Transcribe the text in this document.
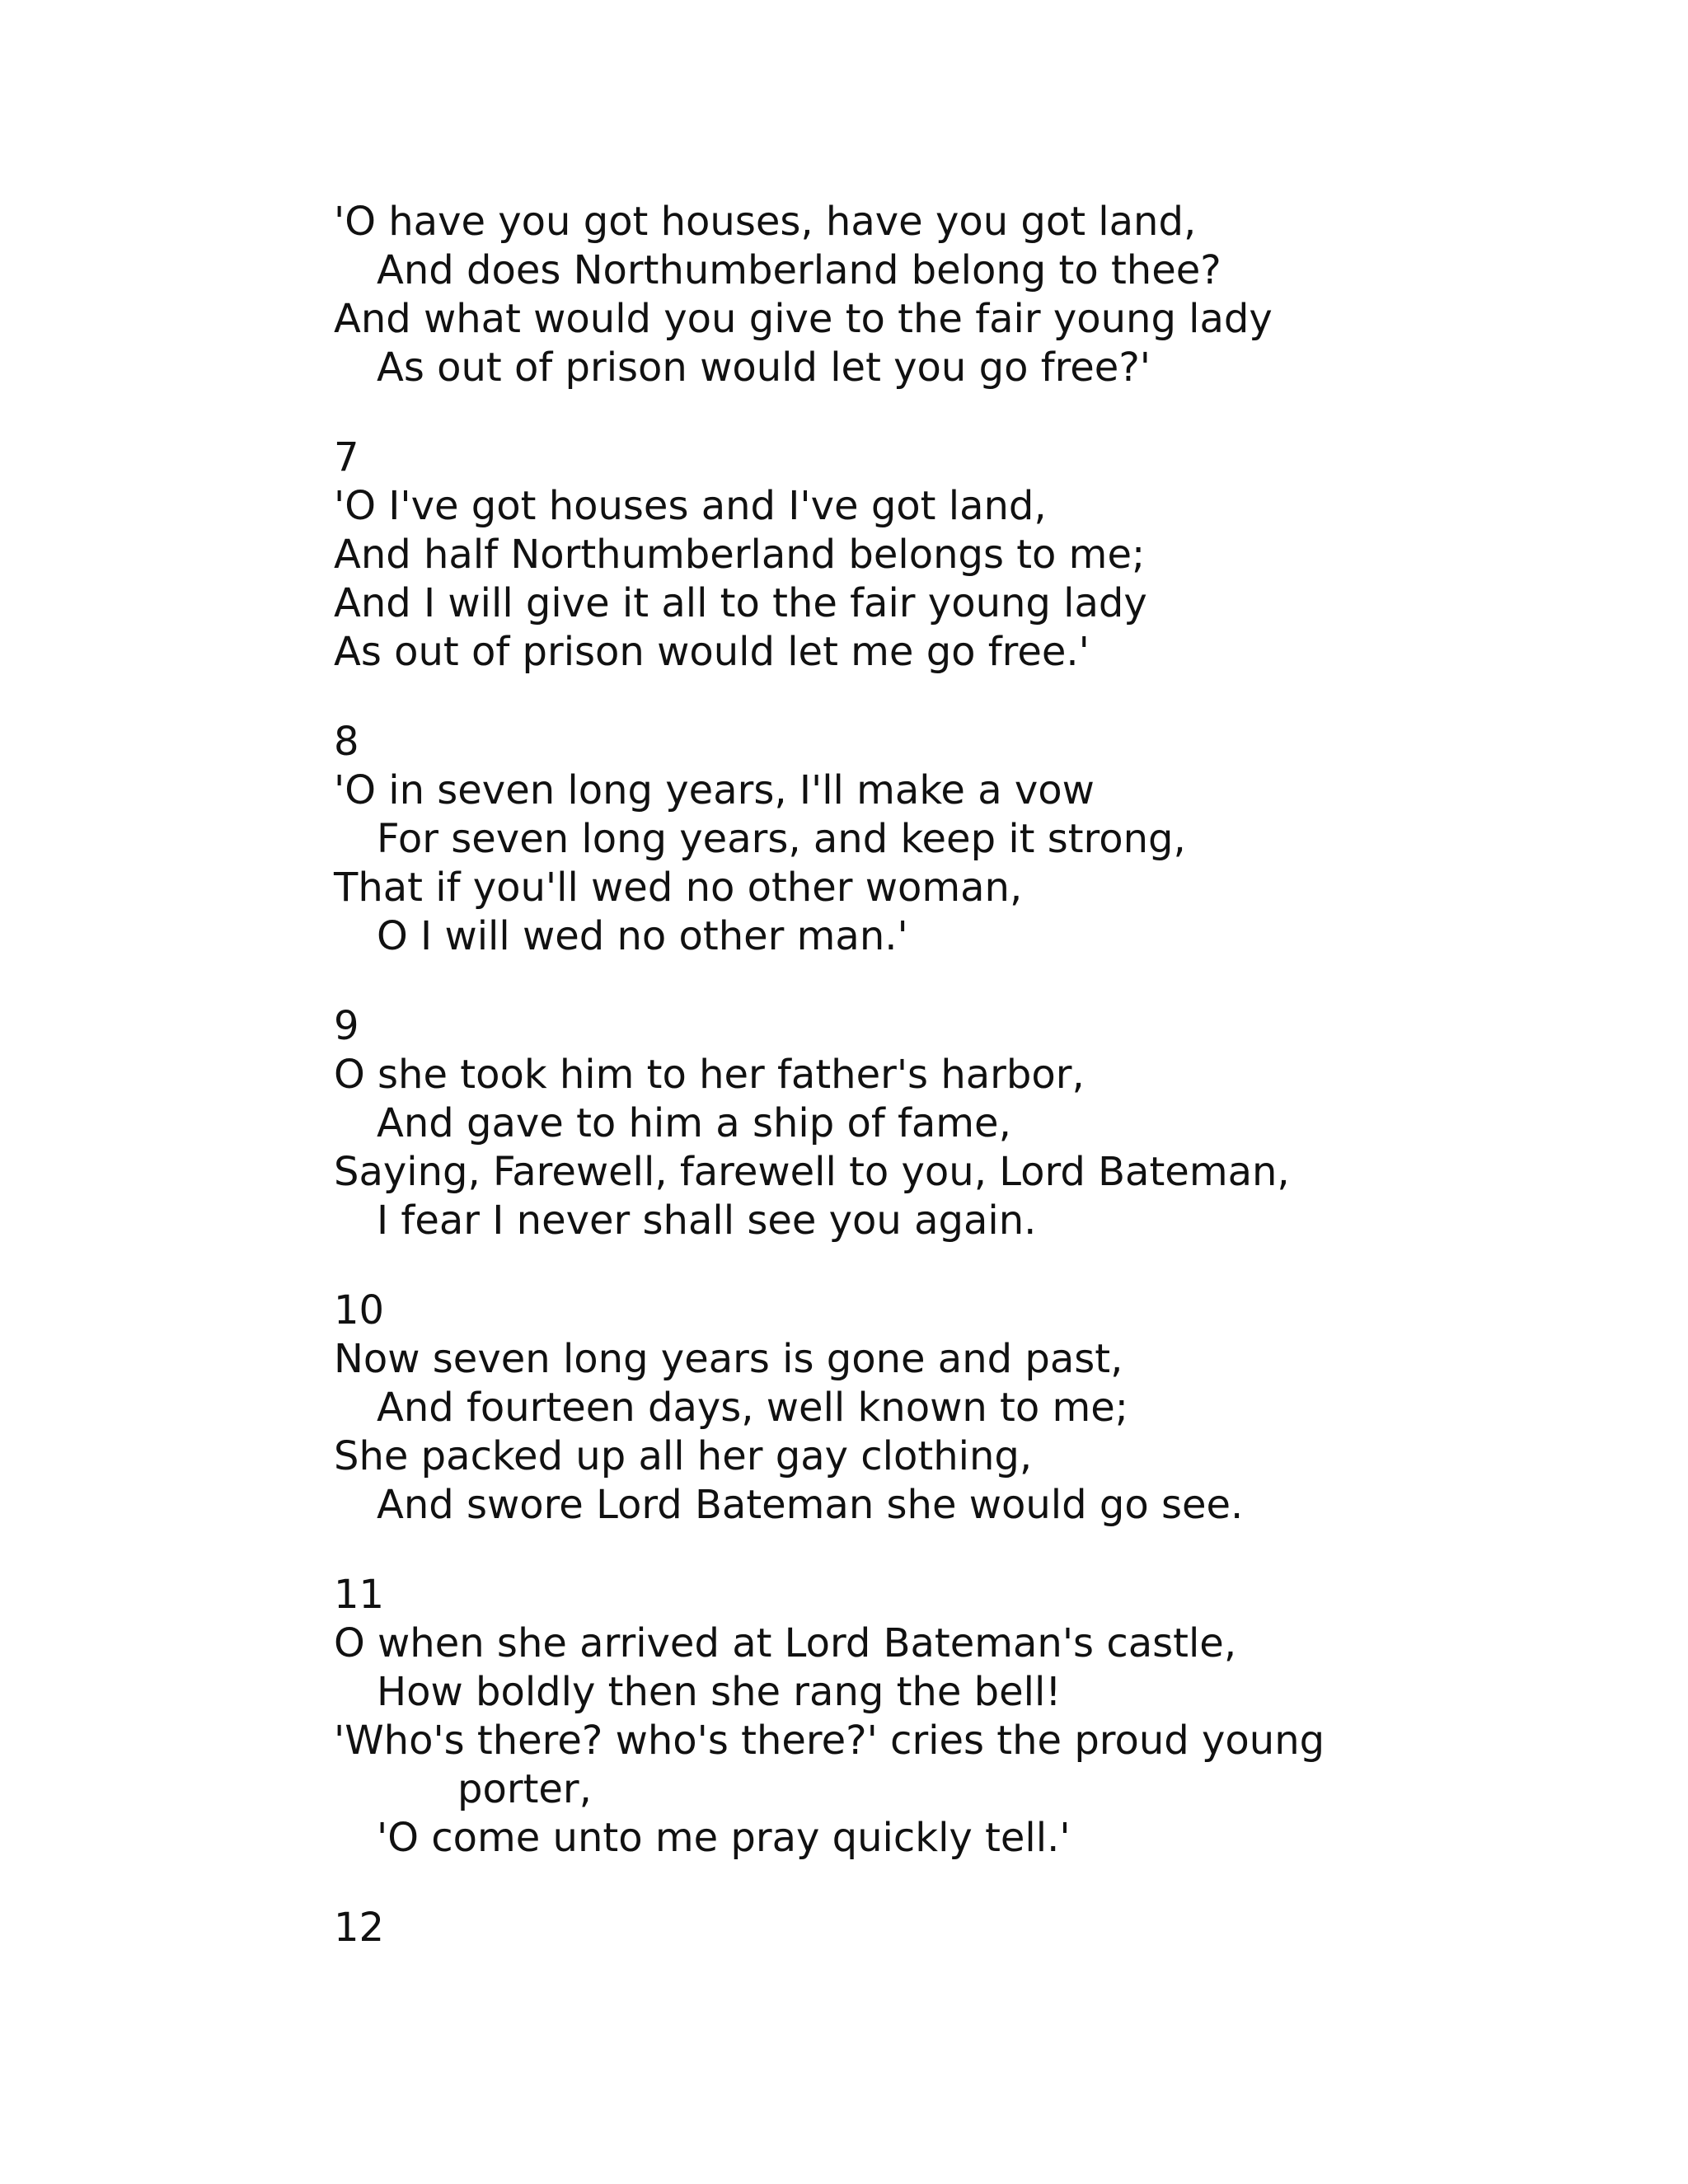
'O have you got houses, have you got land,
And does Northumberland belong to thee?
And what would you give to the fair young lady
As out of prison would let you go free?'
7
'O I've got houses and I've got land,
And half Northumberland belongs to me;
And I will give it all to the fair young lady
As out of prison would let me go free.'
8
'O in seven long years, I'll make a vow
For seven long years, and keep it strong,
That if you'll wed no other woman,
O I will wed no other man.'
9
O she took him to her father's harbor,
And gave to him a ship of fame,
Saying, Farewell, farewell to you, Lord Bateman,
I fear I never shall see you again.
10
Now seven long years is gone and past,
And fourteen days, well known to me;
She packed up all her gay clothing,
And swore Lord Bateman she would go see.
11
O when she arrived at Lord Bateman's castle,
How boldly then she rang the bell!
'Who's there? who's there?' cries the proud young
porter,
'O come unto me pray quickly tell.'
12
